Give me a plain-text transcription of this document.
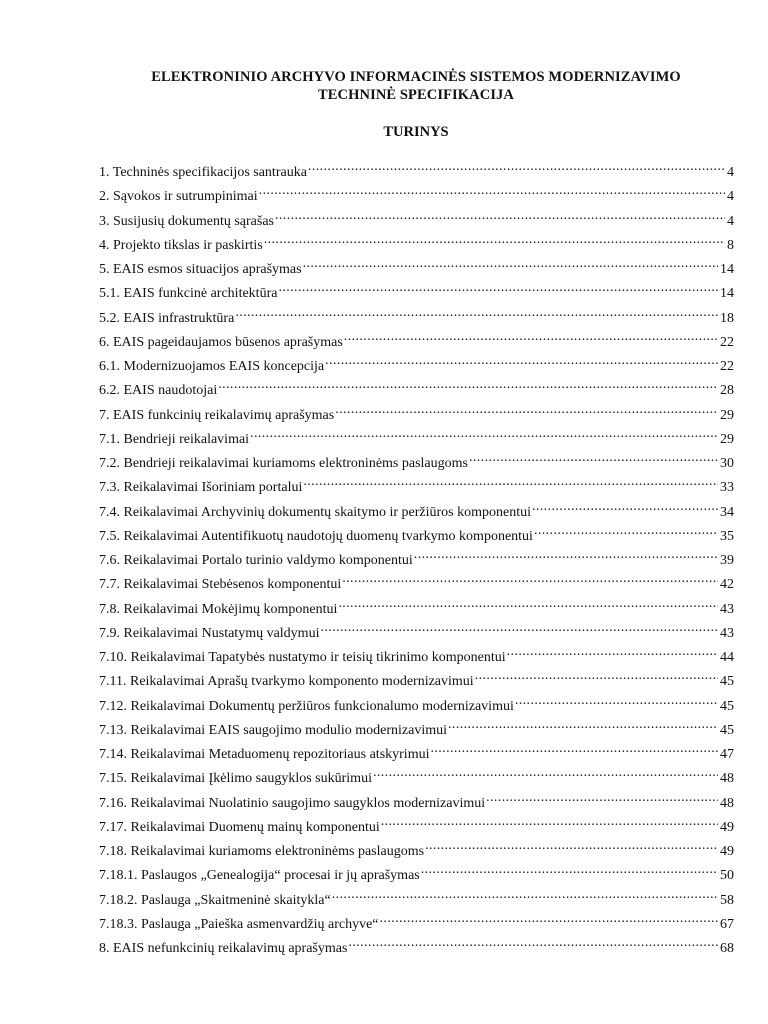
ELEKTRONINIO ARCHYVO INFORMACINĖS SISTEMOS MODERNIZAVIMO
TECHNINĖ SPECIFIKACIJA
TURINYS
1. Techninės specifikacijos santrauka .....	4
2. Sąvokos ir sutrumpinimai .....	4
3. Susijusių dokumentų sąrašas .....	4
4. Projekto tikslas ir paskirtis .....	8
5. EAIS esmos situacijos aprašymas .....	14
5.1. EAIS funkcinė architektūra .....	14
5.2. EAIS infrastruktūra .....	18
6. EAIS pageidaujamos būsenos aprašymas .....	22
6.1. Modernizuojamos EAIS koncepcija .....	22
6.2. EAIS naudotojai .....	28
7. EAIS funkcinių reikalavimų aprašymas .....	29
7.1. Bendrieji reikalavimai .....	29
7.2. Bendrieji reikalavimai kuriamoms elektroninėms paslaugoms .....	30
7.3. Reikalavimai Išoriniam portalui .....	33
7.4. Reikalavimai Archyvinių dokumentų skaitymo ir peržiūros komponentui .....	34
7.5. Reikalavimai Autentifikuotų naudotojų duomenų tvarkymo komponentui .....	35
7.6. Reikalavimai Portalo turinio valdymo komponentui .....	39
7.7. Reikalavimai Stebėsenos komponentui .....	42
7.8. Reikalavimai Mokėjimų komponentui .....	43
7.9. Reikalavimai Nustatymų valdymui .....	43
7.10. Reikalavimai Tapatybės nustatymo ir teisių tikrinimo komponentui .....	44
7.11. Reikalavimai Aprašų tvarkymo komponento modernizavimui .....	45
7.12. Reikalavimai Dokumentų peržiūros funkcionalumo modernizavimui .....	45
7.13. Reikalavimai EAIS saugojimo modulio modernizavimui .....	45
7.14. Reikalavimai Metaduomenų repozitoriaus atskyrimui .....	47
7.15. Reikalavimai Įkėlimo saugyklos sukūrimui .....	48
7.16. Reikalavimai Nuolatinio saugojimo saugyklos modernizavimui .....	48
7.17. Reikalavimai Duomenų mainų komponentui .....	49
7.18. Reikalavimai kuriamoms elektroninėms paslaugoms .....	49
7.18.1. Paslaugos „Genealogija“ procesai ir jų aprašymas .....	50
7.18.2. Paslauga „Skaitmeninė skaitykla“ .....	58
7.18.3. Paslauga „Paieška asmenvardžių archyve“ .....	67
8. EAIS nefunkcinių reikalavimų aprašymas .....	68
